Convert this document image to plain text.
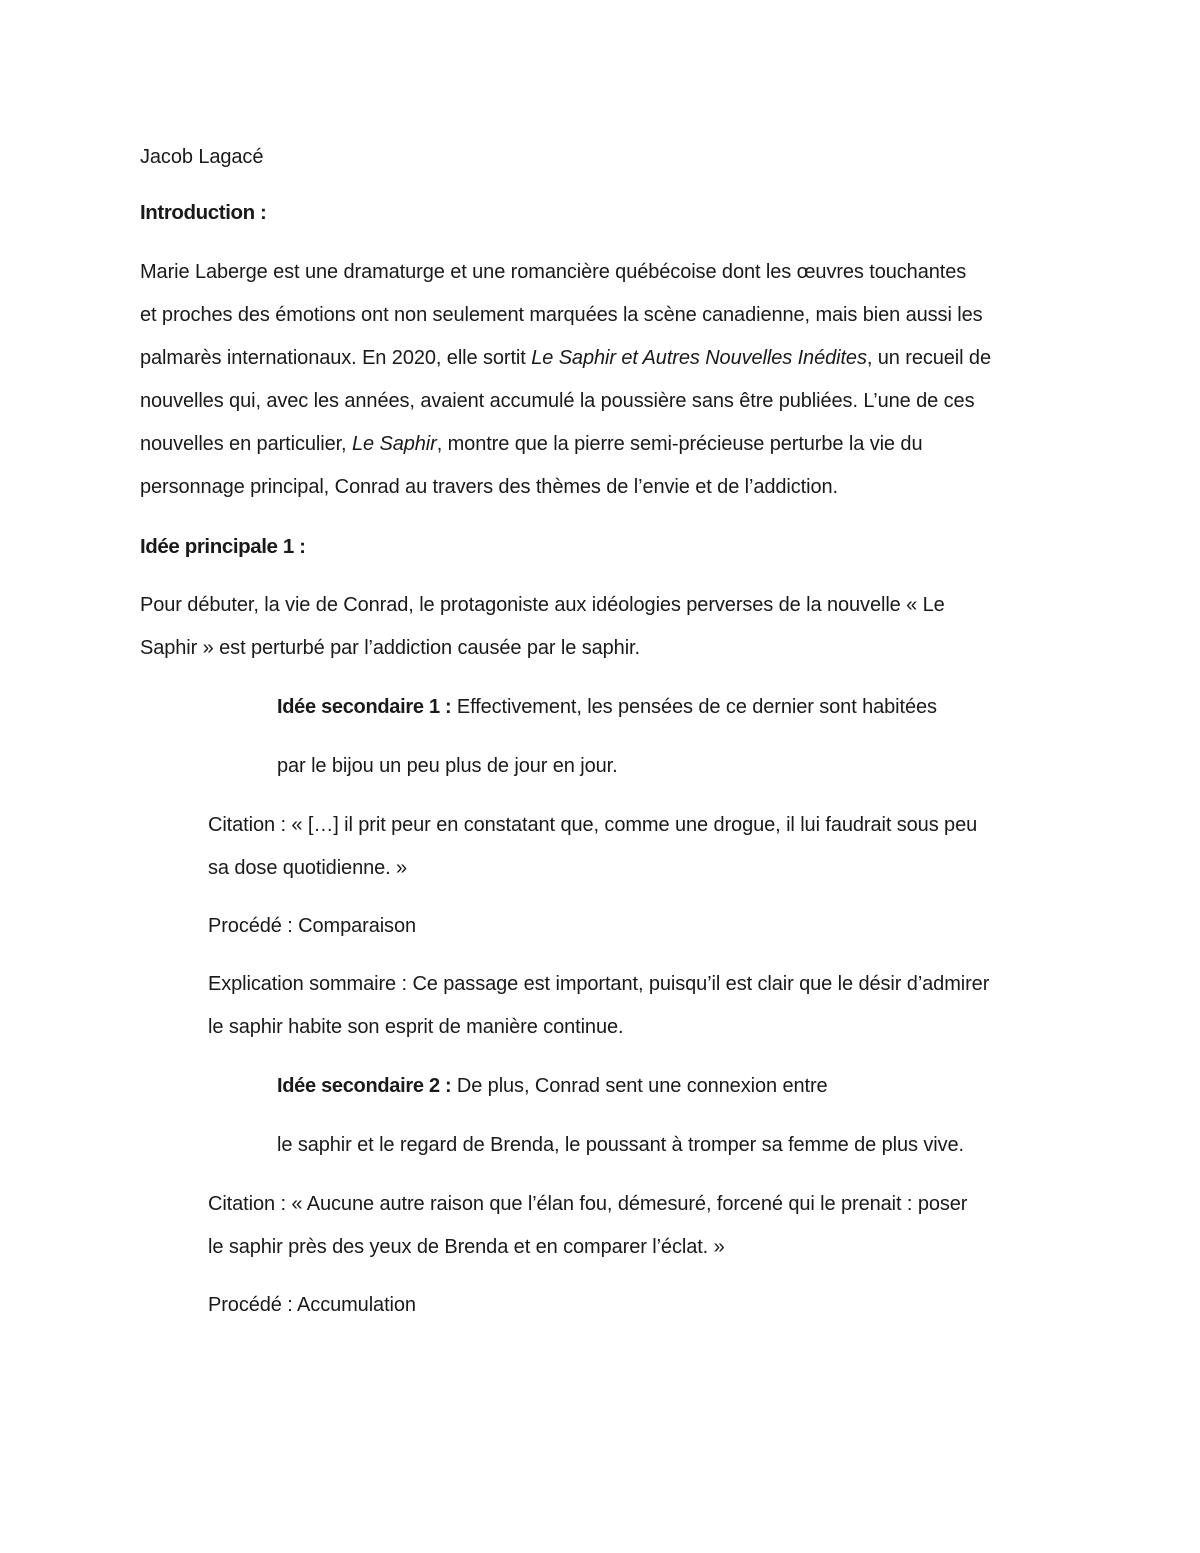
Jacob Lagacé
Introduction :
Marie Laberge est une dramaturge et une romancière québécoise dont les œuvres touchantes
et proches des émotions ont non seulement marquées la scène canadienne, mais bien aussi les
palmarès internationaux. En 2020, elle sortit Le Saphir et Autres Nouvelles Inédites, un recueil de
nouvelles qui, avec les années, avaient accumulé la poussière sans être publiées. L’une de ces
nouvelles en particulier, Le Saphir, montre que la pierre semi-précieuse perturbe la vie du
personnage principal, Conrad au travers des thèmes de l’envie et de l’addiction.
Idée principale 1 :
Pour débuter, la vie de Conrad, le protagoniste aux idéologies perverses de la nouvelle « Le
Saphir » est perturbé par l’addiction causée par le saphir.
Idée secondaire 1 : Effectivement, les pensées de ce dernier sont habitées
par le bijou un peu plus de jour en jour.
Citation : « […] il prit peur en constatant que, comme une drogue, il lui faudrait sous peu
sa dose quotidienne. »
Procédé : Comparaison
Explication sommaire : Ce passage est important, puisqu’il est clair que le désir d’admirer
le saphir habite son esprit de manière continue.
Idée secondaire 2 : De plus, Conrad sent une connexion entre
le saphir et le regard de Brenda, le poussant à tromper sa femme de plus vive.
Citation : « Aucune autre raison que l’élan fou, démesuré, forcené qui le prenait : poser
le saphir près des yeux de Brenda et en comparer l’éclat. »
Procédé : Accumulation
